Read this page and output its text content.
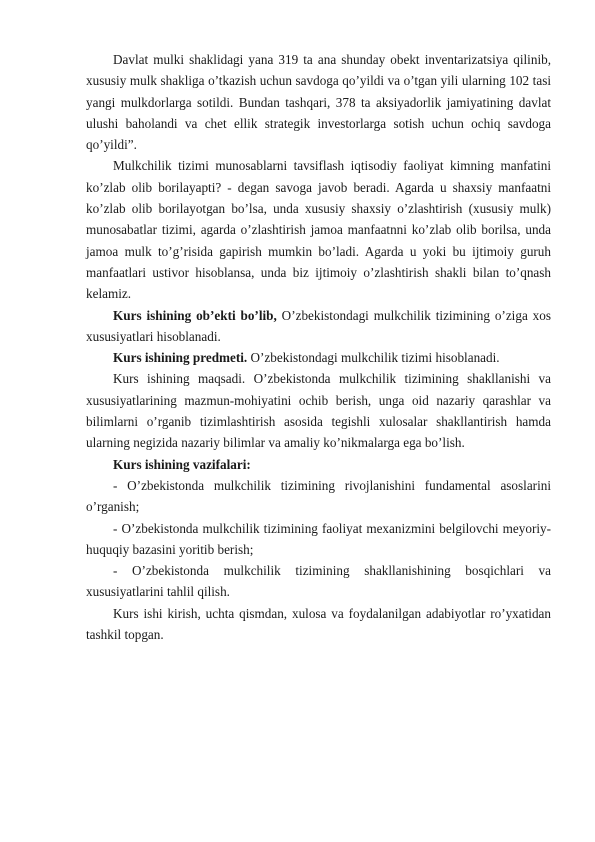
Davlat mulki shaklidagi yana 319 ta ana shunday obekt inventarizatsiya qilinib, xususiy mulk shakliga o’tkazish uchun savdoga qo’yildi va o’tgan yili ularning 102 tasi yangi mulkdorlarga sotildi. Bundan tashqari, 378 ta aksiyadorlik jamiyatining davlat ulushi baholandi va chet ellik strategik investorlarga sotish uchun ochiq savdoga qo’yildi”.

Mulkchilik tizimi munosablarni tavsiflash iqtisodiy faoliyat kimning manfatini ko’zlab olib borilayapti? - degan savoga javob beradi. Agarda u shaxsiy manfaatni ko’zlab olib borilayotgan bo’lsa, unda xususiy shaxsiy o’zlashtirish (xususiy mulk) munosabatlar tizimi, agarda o’zlashtirish jamoa manfaatnni ko’zlab olib borilsa, unda jamoa mulk to’g’risida gapirish mumkin bo’ladi. Agarda u yoki bu ijtimoiy guruh manfaatlari ustivor hisoblansa, unda biz ijtimoiy o’zlashtirish shakli bilan to’qnash kelamiz.

Kurs ishining ob’ekti bo’lib, O’zbekistondagi mulkchilik tizimining o’ziga xos xususiyatlari hisoblanadi.

Kurs ishining predmeti. O’zbekistondagi mulkchilik tizimi hisoblanadi.

Kurs ishining maqsadi. O’zbekistonda mulkchilik tizimining shakllanishi va xususiyatlarining mazmun-mohiyatini ochib berish, unga oid nazariy qarashlar va bilimlarni o’rganib tizimlashtirish asosida tegishli xulosalar shakllantirish hamda ularning negizida nazariy bilimlar va amaliy ko’nikmalarga ega bo’lish.

Kurs ishining vazifalari:

- O’zbekistonda mulkchilik tizimining rivojlanishini fundamental asoslarini o’rganish;

- O’zbekistonda mulkchilik tizimining faoliyat mexanizmini belgilovchi meyoriy-huquqiy bazasini yoritib berish;

- O’zbekistonda mulkchilik tizimining shakllanishining bosqichlari va xususiyatlarini tahlil qilish.

Kurs ishi kirish, uchta qismdan, xulosa va foydalanilgan adabiyotlar ro’yxatidan tashkil topgan.
